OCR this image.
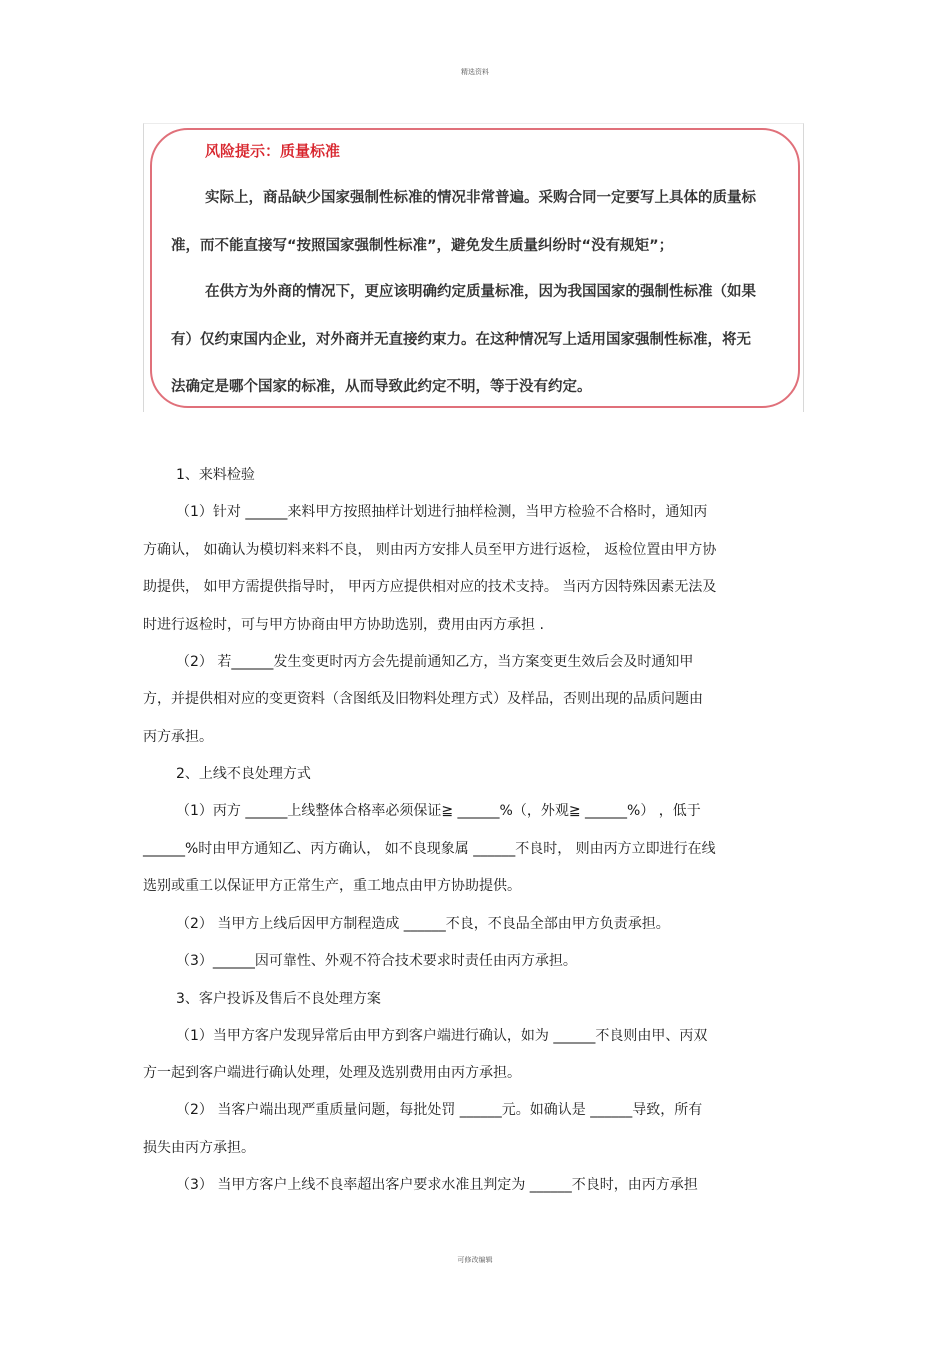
精选资料
风险提示：质量标准
实际上，商品缺少国家强制性标准的情况非常普遍。采购合同一定要写上具体的质量标
准，而不能直接写“按照国家强制性标准”，避免发生质量纠纷时“没有规矩”；
在供方为外商的情况下，更应该明确约定质量标准，因为我国国家的强制性标准（如果
有）仅约束国内企业，对外商并无直接约束力。在这种情况写上适用国家强制性标准，将无
法确定是哪个国家的标准，从而导致此约定不明，等于没有约定。
1、来料检验
（1）针对 ______来料甲方按照抽样计划进行抽样检测，当甲方检验不合格时，通知丙
方确认， 如确认为模切料来料不良， 则由丙方安排人员至甲方进行返检， 返检位置由甲方协
助提供， 如甲方需提供指导时， 甲丙方应提供相对应的技术支持。 当丙方因特殊因素无法及
时进行返检时，可与甲方协商由甲方协助选别，费用由丙方承担 .
（2） 若______发生变更时丙方会先提前通知乙方，当方案变更生效后会及时通知甲
方，并提供相对应的变更资料（含图纸及旧物料处理方式）及样品，否则出现的品质问题由
丙方承担。
2、上线不良处理方式
（1）丙方 ______上线整体合格率必须保证≧ ______%（，外观≧ ______%） ，低于
______%时由甲方通知乙、丙方确认， 如不良现象属 ______不良时， 则由丙方立即进行在线
选别或重工以保证甲方正常生产，重工地点由甲方协助提供。
（2） 当甲方上线后因甲方制程造成 ______不良，不良品全部由甲方负责承担。
（3）______因可靠性、外观不符合技术要求时责任由丙方承担。
3、客户投诉及售后不良处理方案
（1）当甲方客户发现异常后由甲方到客户端进行确认，如为 ______不良则由甲、丙双
方一起到客户端进行确认处理，处理及选别费用由丙方承担。
（2） 当客户端出现严重质量问题，每批处罚 ______元。如确认是 ______导致，所有
损失由丙方承担。
（3） 当甲方客户上线不良率超出客户要求水准且判定为 ______不良时，由丙方承担
可修改编辑
